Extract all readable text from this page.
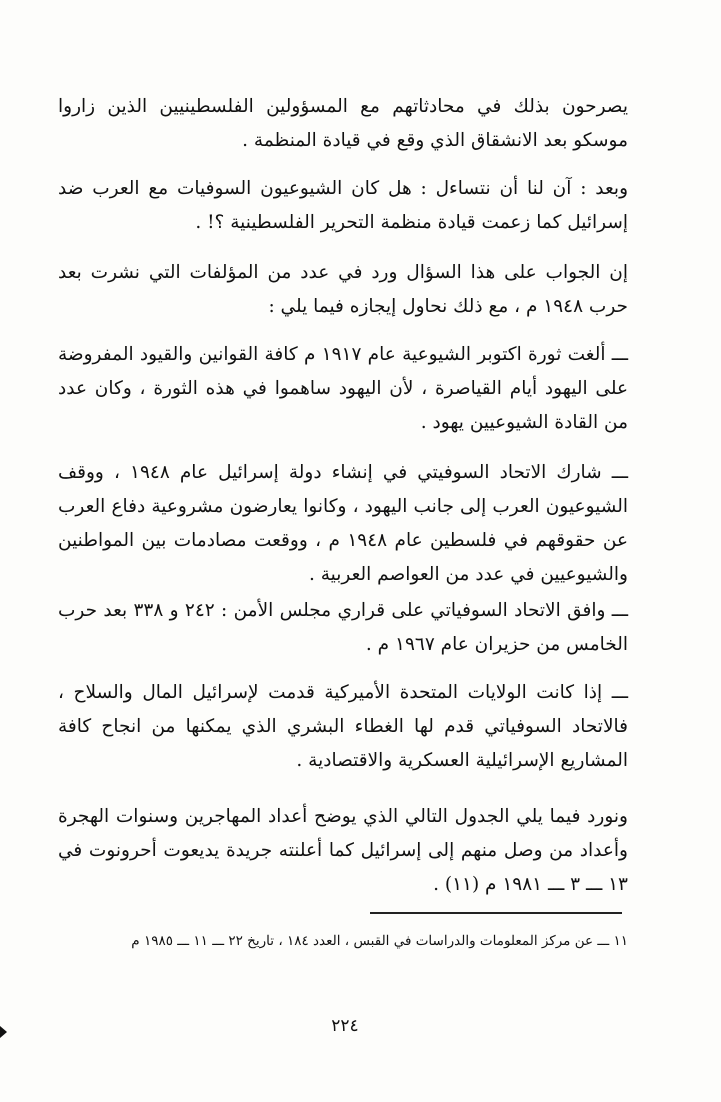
يصرحون بذلك في محادثاتهم مع المسؤولين الفلسطينيين الذين زاروا موسكو بعد الانشقاق الذي وقع في قيادة المنظمة .

وبعد : آن لنا أن نتساءل : هل كان الشيوعيون السوفيات مع العرب ضد إسرائيل كما زعمت قيادة منظمة التحرير الفلسطينية ؟! .

إن الجواب على هذا السؤال ورد في عدد من المؤلفات التي نشرت بعد حرب ١٩٤٨ م ، مع ذلك نحاول إيجازه فيما يلي :

ـــ ألغت ثورة اكتوبر الشيوعية عام ١٩١٧ م كافة القوانين والقيود المفروضة على اليهود أيام القياصرة ، لأن اليهود ساهموا في هذه الثورة ، وكان عدد من القادة الشيوعيين يهود .

ـــ شارك الاتحاد السوفيتي في إنشاء دولة إسرائيل عام ١٩٤٨ ، ووقف الشيوعيون العرب إلى جانب اليهود ، وكانوا يعارضون مشروعية دفاع العرب عن حقوقهم في فلسطين عام ١٩٤٨ م ، ووقعت مصادمات بين المواطنين والشيوعيين في عدد من العواصم العربية .

ـــ وافق الاتحاد السوفياتي على قراري مجلس الأمن : ٢٤٢ و ٣٣٨ بعد حرب الخامس من حزيران عام ١٩٦٧ م .

ـــ إذا كانت الولايات المتحدة الأميركية قدمت لإسرائيل المال والسلاح ، فالاتحاد السوفياتي قدم لها الغطاء البشري الذي يمكنها من انجاح كافة المشاريع الإسرائيلية العسكرية والاقتصادية .

ونورد فيما يلي الجدول التالي الذي يوضح أعداد المهاجرين وسنوات الهجرة وأعداد من وصل منهم إلى إسرائيل كما أعلنته جريدة يديعوت أحرونوت في ١٣ ـــ ٣ ـــ ١٩٨١ م (١١) .

١١ ـــ عن مركز المعلومات والدراسات في القبس ، العدد ١٨٤ ، تاريخ ٢٢ ـــ ١١ ـــ ١٩٨٥ م

٢٢٤
